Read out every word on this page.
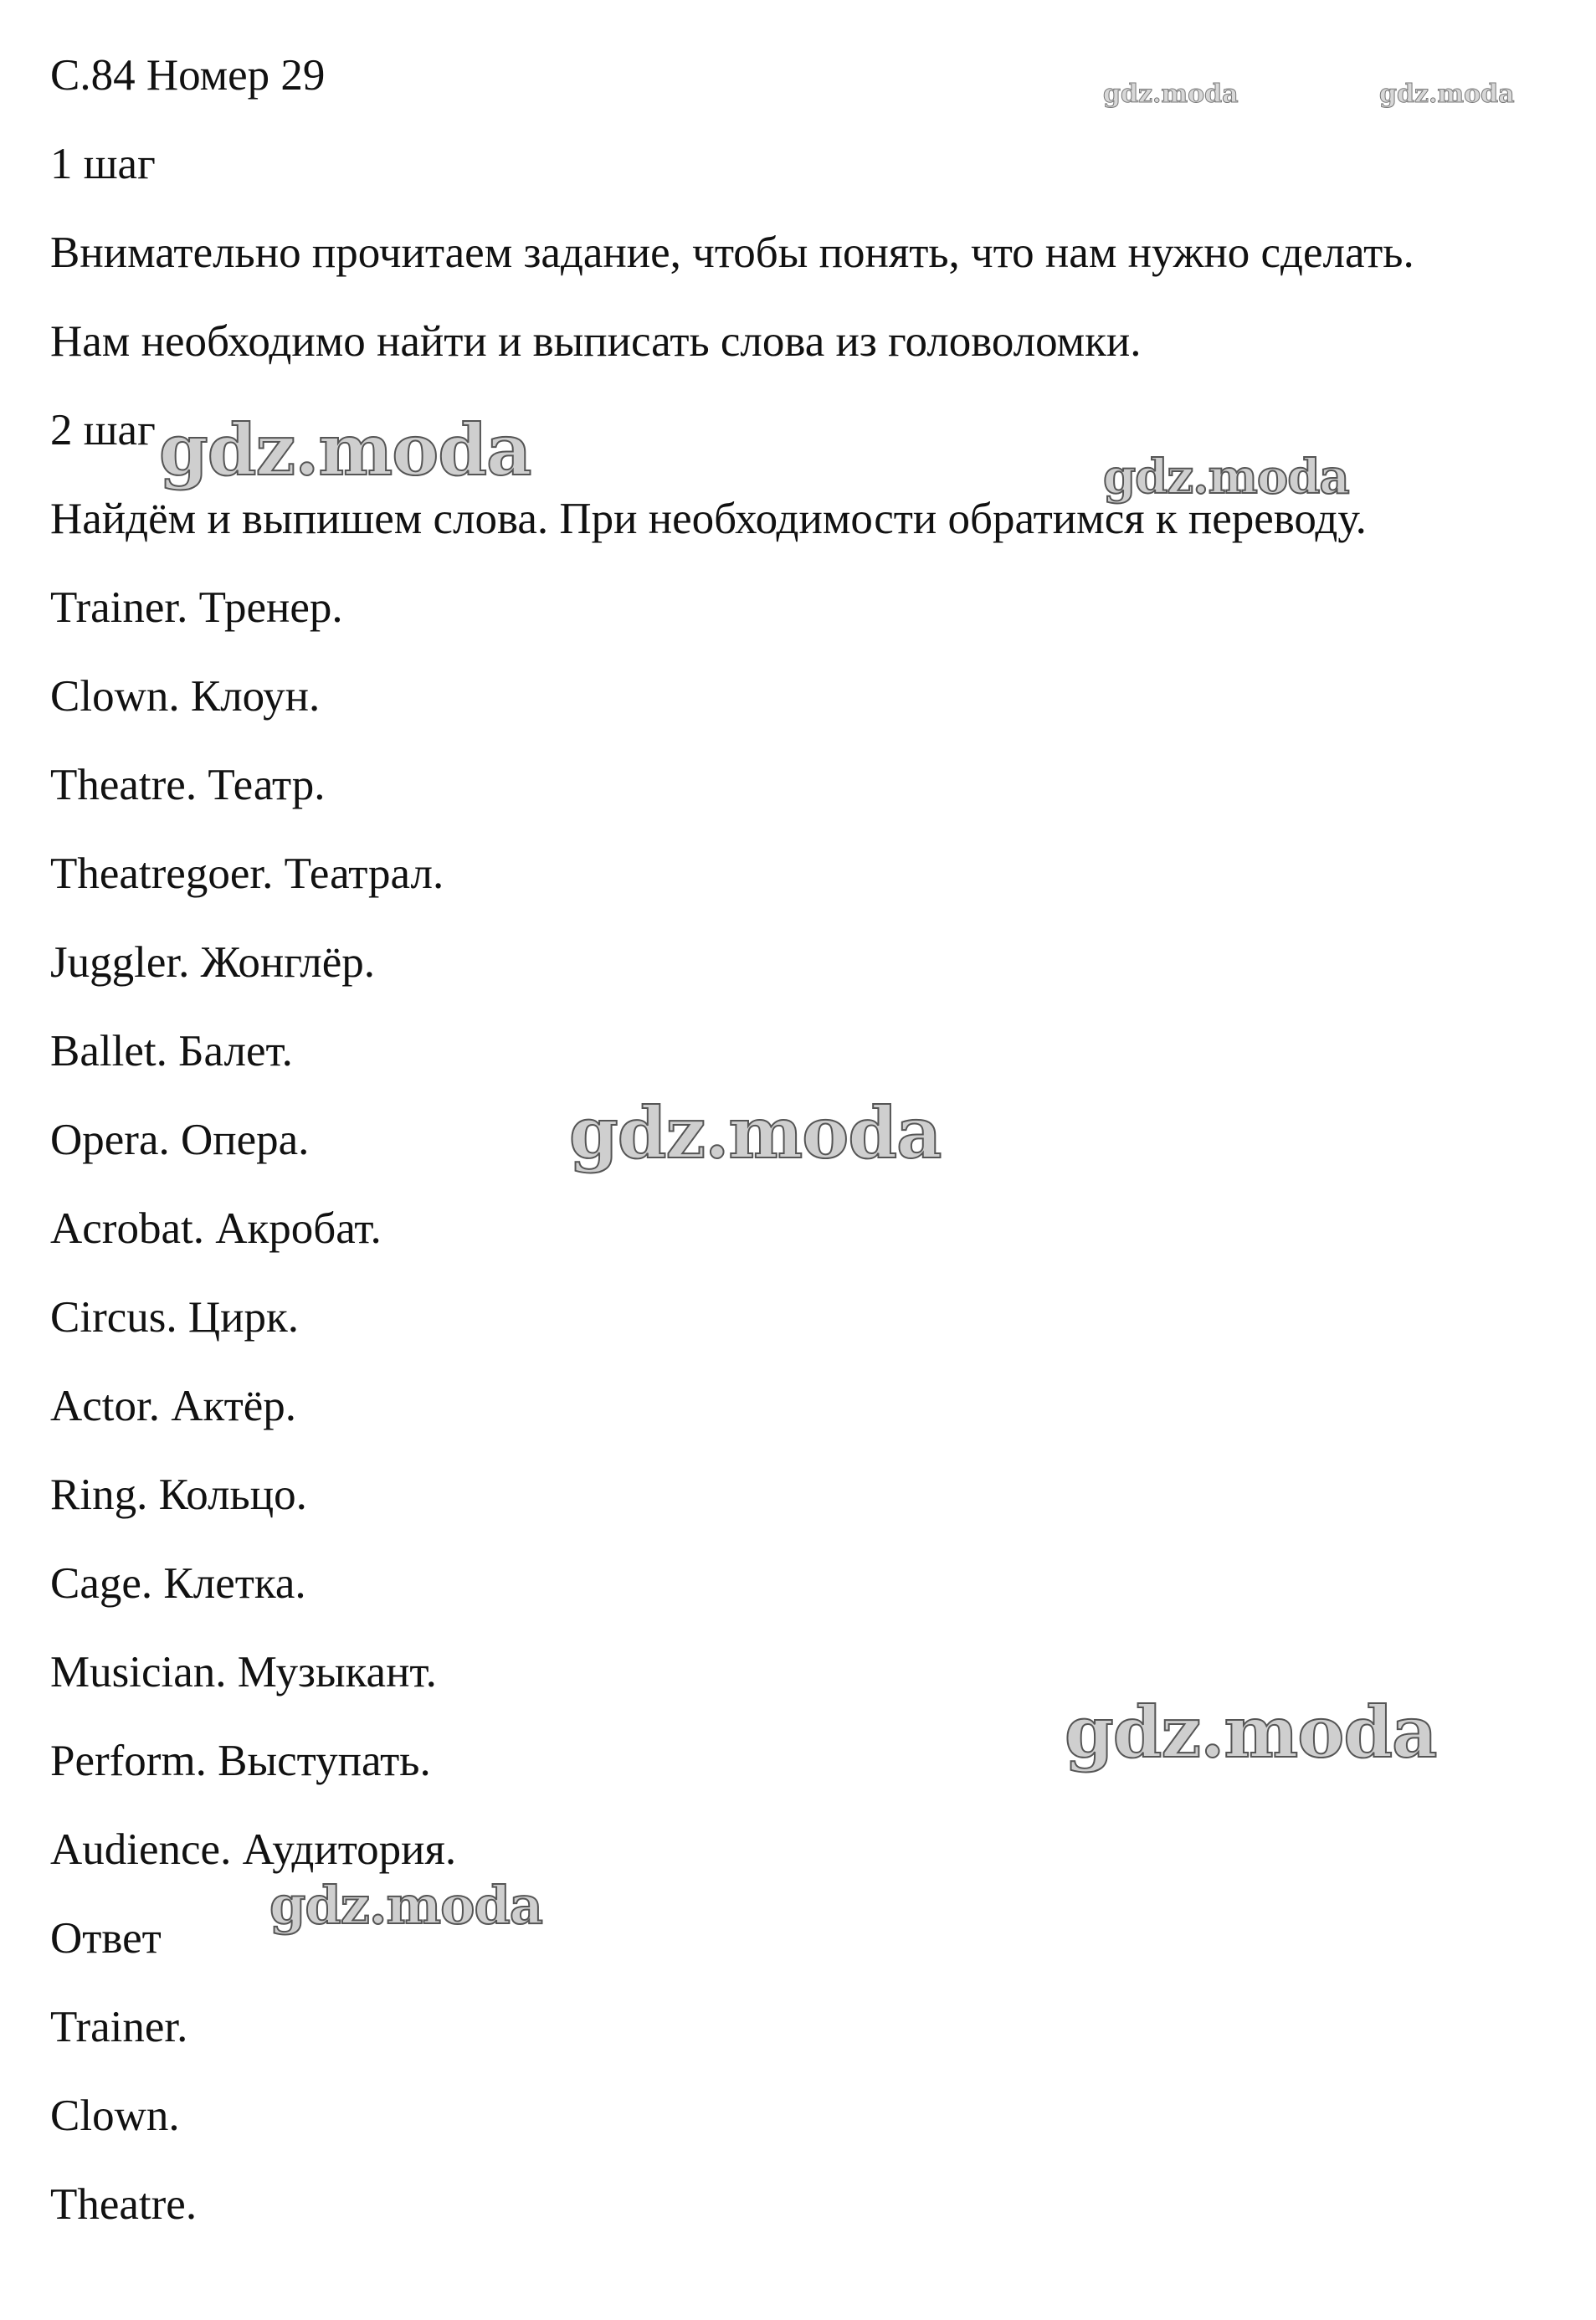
С.84 Номер 29
1 шаг
Внимательно прочитаем задание, чтобы понять, что нам нужно сделать.
Нам необходимо найти и выписать слова из головоломки.
2 шаг
Найдём и выпишем слова. При необходимости обратимся к переводу.
Trainer. Тренер.
Clown. Клоун.
Theatre. Театр.
Theatregoer. Театрал.
Juggler. Жонглёр.
Ballet. Балет.
Opera. Опера.
Acrobat. Акробат.
Circus. Цирк.
Actor. Актёр.
Ring. Кольцо.
Cage. Клетка.
Musician. Музыкант.
Perform. Выступать.
Audience. Аудитория.
Ответ
Trainer.
Clown.
Theatre.
gdz.moda	gdz.moda
gdz.moda	gdz.moda
gdz.moda
gdz.moda
gdz.moda
